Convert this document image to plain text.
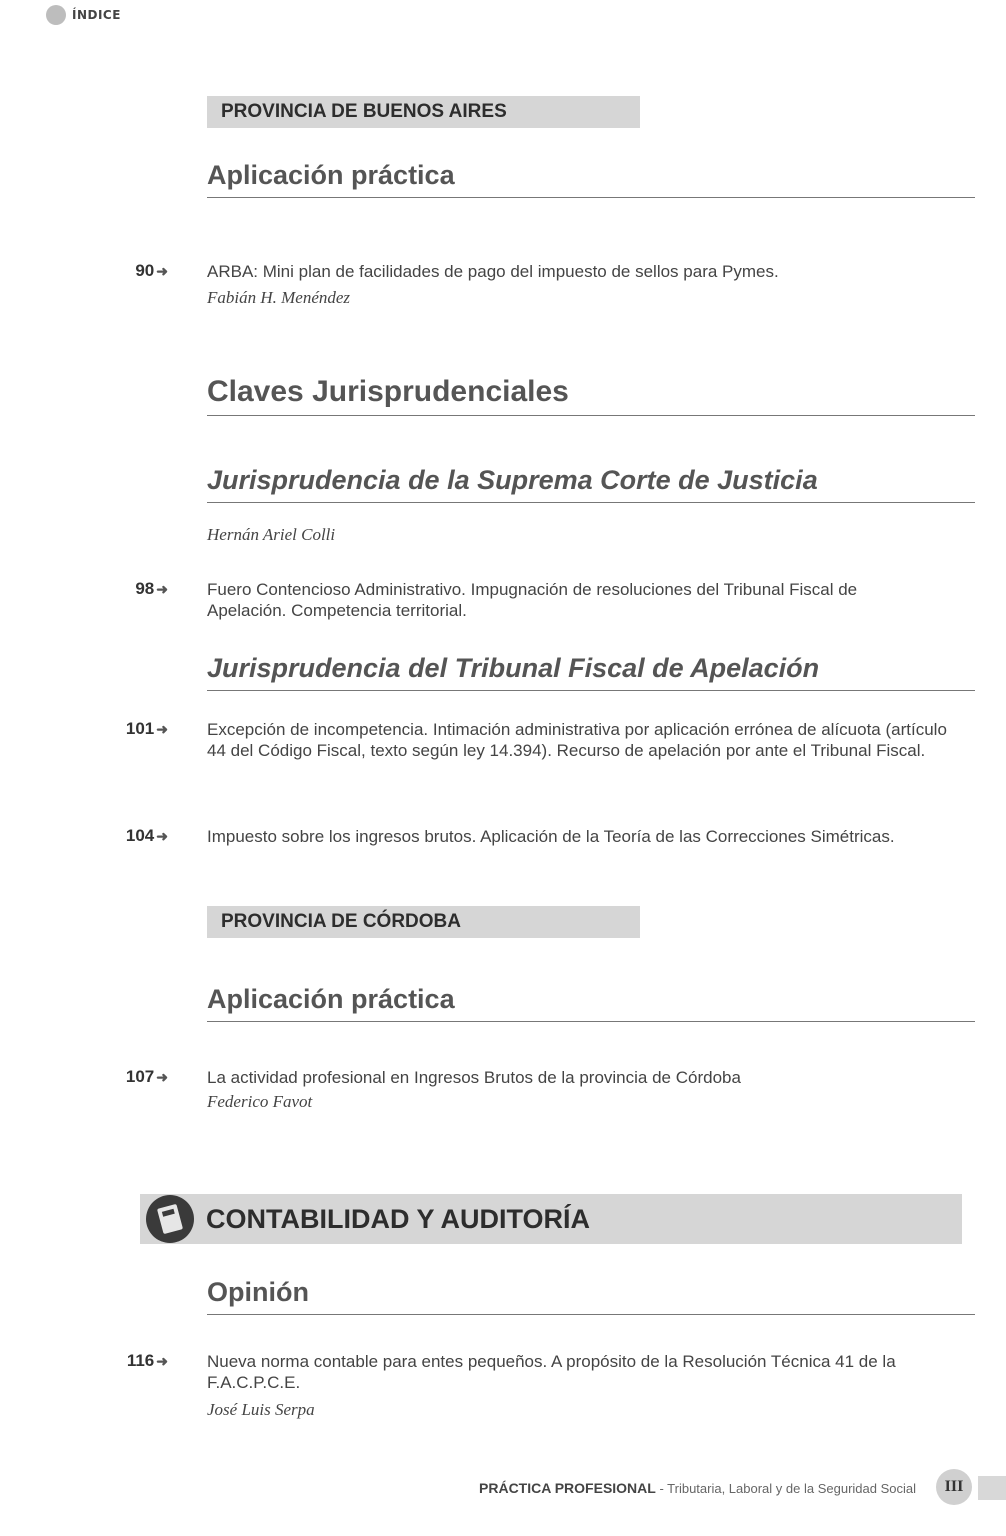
ÍNDICE
PROVINCIA DE BUENOS AIRES
Aplicación práctica
90 ➜ ARBA: Mini plan de facilidades de pago del impuesto de sellos para Pymes.
Fabián H. Menéndez
Claves Jurisprudenciales
Jurisprudencia de la Suprema Corte de Justicia
Hernán Ariel Colli
98 ➜ Fuero Contencioso Administrativo. Impugnación de resoluciones del Tribunal Fiscal de Apelación. Competencia territorial.
Jurisprudencia del Tribunal Fiscal de Apelación
101 ➜ Excepción de incompetencia. Intimación administrativa por aplicación errónea de alícuota (artículo 44 del Código Fiscal, texto según ley 14.394). Recurso de apelación por ante el Tribunal Fiscal.
104 ➜ Impuesto sobre los ingresos brutos. Aplicación de la Teoría de las Correcciones Simétricas.
PROVINCIA DE CÓRDOBA
Aplicación práctica
107 ➜ La actividad profesional en Ingresos Brutos de la provincia de Córdoba
Federico Favot
CONTABILIDAD Y AUDITORÍA
Opinión
116 ➜ Nueva norma contable para entes pequeños. A propósito de la Resolución Técnica 41 de la F.A.C.P.C.E.
José Luis Serpa
PRÁCTICA PROFESIONAL - Tributaria, Laboral y de la Seguridad Social	III
